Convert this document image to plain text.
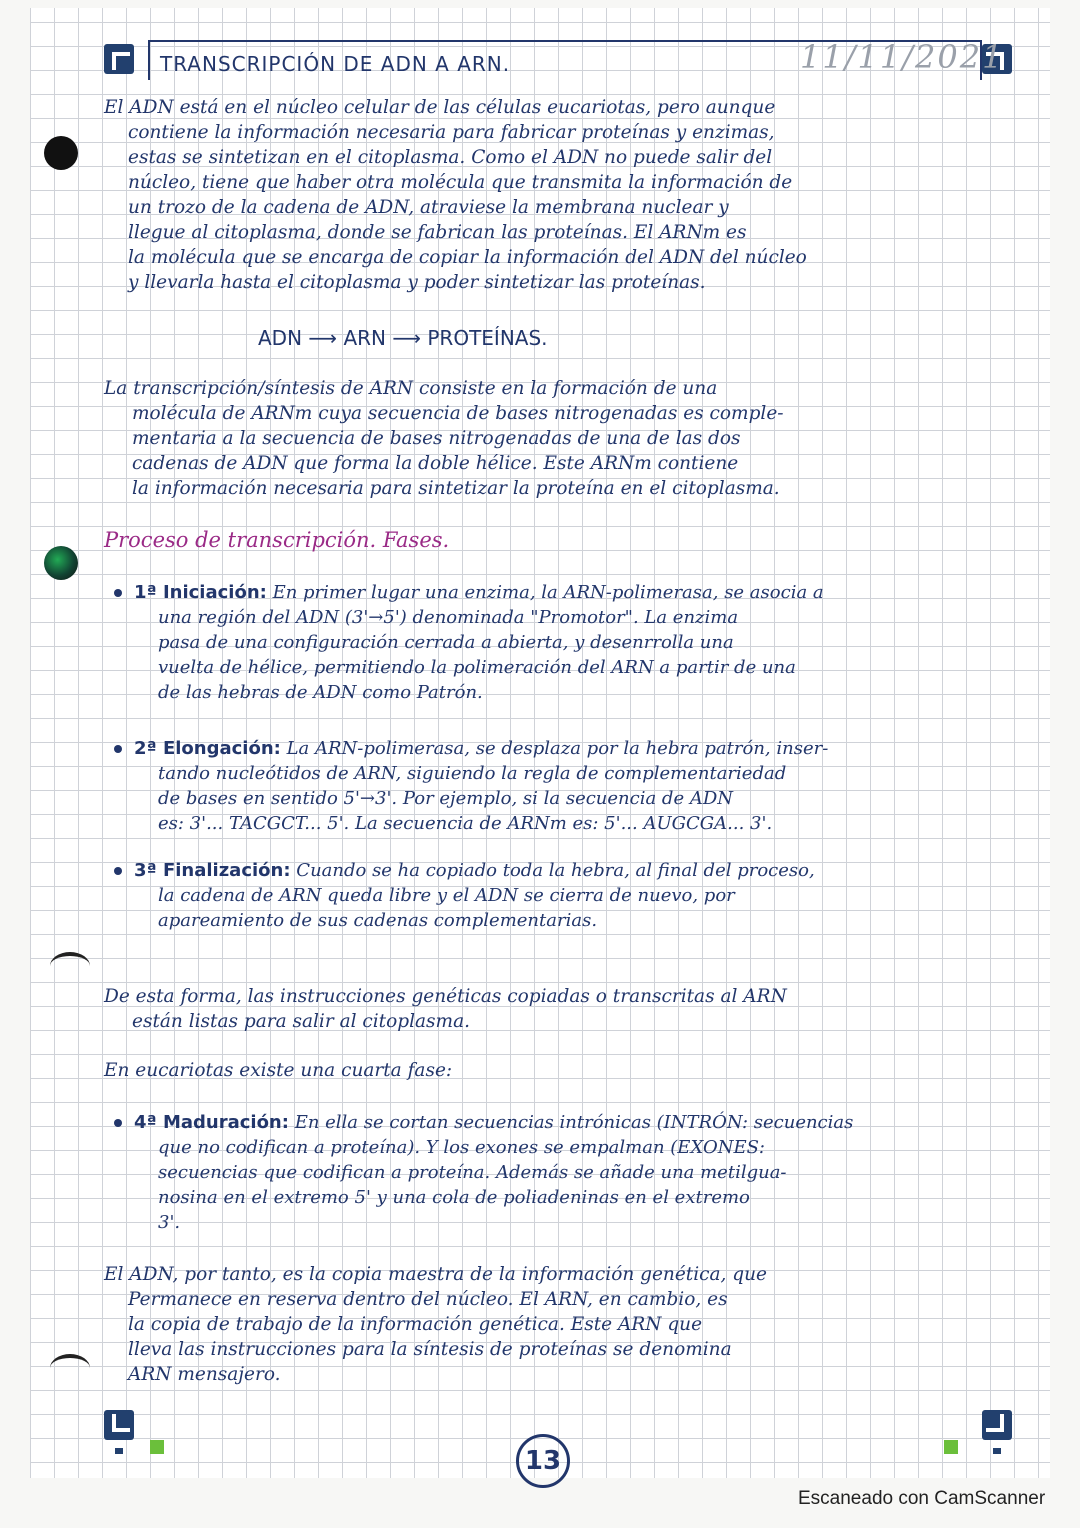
TRANSCRIPCIÓN DE ADN A ARN.	11/11/2021

El ADN está en el núcleo celular de las células eucariotas, pero aunque

contiene la información necesaria para fabricar proteínas y enzimas,

estas se sintetizan en el citoplasma. Como el ADN no puede salir del

núcleo, tiene que haber otra molécula que transmita la información de

un trozo de la cadena de ADN, atraviese la membrana nuclear y

llegue al citoplasma, donde se fabrican las proteínas. El ARNm es

la molécula que se encarga de copiar la información del ADN del núcleo

y llevarla hasta el citoplasma y poder sintetizar las proteínas.

ADN ⟶ ARN ⟶ PROTEÍNAS.

La transcripción/síntesis de ARN consiste en la formación de una

molécula de ARNm cuya secuencia de bases nitrogenadas es comple-

mentaria a la secuencia de bases nitrogenadas de una de las dos

cadenas de ADN que forma la doble hélice. Este ARNm contiene

la información necesaria para sintetizar la proteína en el citoplasma.

Proceso de transcripción. Fases.
1ª Iniciación: En primer lugar una enzima, la ARN-polimerasa, se asocia a
una región del ADN (3'→5') denominada "Promotor". La enzima
pasa de una configuración cerrada a abierta, y desenrrolla una
vuelta de hélice, permitiendo la polimeración del ARN a partir de una
de las hebras de ADN como Patrón.
2ª Elongación: La ARN-polimerasa, se desplaza por la hebra patrón, inser-
tando nucleótidos de ARN, siguiendo la regla de complementariedad
de bases en sentido 5'→3'. Por ejemplo, si la secuencia de ADN
es: 3'... TACGCT... 5'. La secuencia de ARNm es: 5'... AUGCGA... 3'.
3ª Finalización: Cuando se ha copiado toda la hebra, al final del proceso,
la cadena de ARN queda libre y el ADN se cierra de nuevo, por
apareamiento de sus cadenas complementarias.

De esta forma, las instrucciones genéticas copiadas o transcritas al ARN

están listas para salir al citoplasma.

En eucariotas existe una cuarta fase:
4ª Maduración: En ella se cortan secuencias intrónicas (INTRÓN: secuencias
que no codifican a proteína). Y los exones se empalman (EXONES:
secuencias que codifican a proteína. Además se añade una metilgua-
nosina en el extremo 5' y una cola de poliadeninas en el extremo
3'.

El ADN, por tanto, es la copia maestra de la información genética, que

Permanece en reserva dentro del núcleo. El ARN, en cambio, es

la copia de trabajo de la información genética. Este ARN que

lleva las instrucciones para la síntesis de proteínas se denomina

ARN mensajero.

13
Escaneado con CamScanner
